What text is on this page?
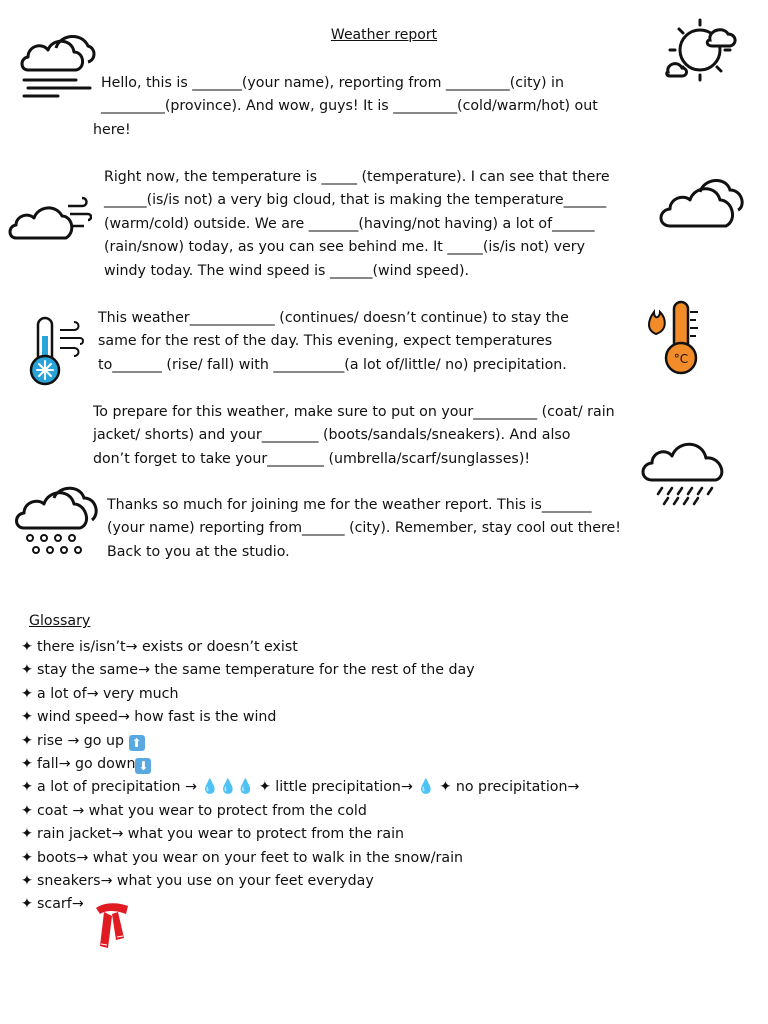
Weather report
Hello, this is _______(your name), reporting from _________(city) in
_________(province). And wow, guys! It is _________(cold/warm/hot) out
here!
Right now, the temperature is _____ (temperature). I can see that there
______(is/is not) a very big cloud, that is making the temperature______
(warm/cold) outside. We are _______(having/not having) a lot of______
(rain/snow) today, as you can see behind me. It _____(is/is not) very
windy today. The wind speed is ______(wind speed).
°C
This weather____________ (continues/ doesn’t continue) to stay the
same for the rest of the day. This evening, expect temperatures
to_______ (rise/ fall) with __________(a lot of/little/ no) precipitation.
To prepare for this weather, make sure to put on your_________ (coat/ rain
jacket/ shorts) and your________ (boots/sandals/sneakers). And also
don’t forget to take your________ (umbrella/scarf/sunglasses)!
Thanks so much for joining me for the weather report. This is_______
(your name) reporting from______ (city). Remember, stay cool out there!
Back to you at the studio.
Glossary
✦ there is/isn’t→ exists or doesn’t exist
✦ stay the same→ the same temperature for the rest of the day
✦ a lot of→ very much
✦ wind speed→ how fast is the wind
✦ rise → go up ⬆
✦ fall→ go down ⬇
✦ a lot of precipitation → 💧💧💧 ✦ little precipitation→ 💧 ✦ no precipitation→
✦ coat → what you wear to protect from the cold
✦ rain jacket→ what you wear to protect from the rain
✦ boots→ what you wear on your feet to walk in the snow/rain
✦ sneakers→ what you use on your feet everyday
✦ scarf→
